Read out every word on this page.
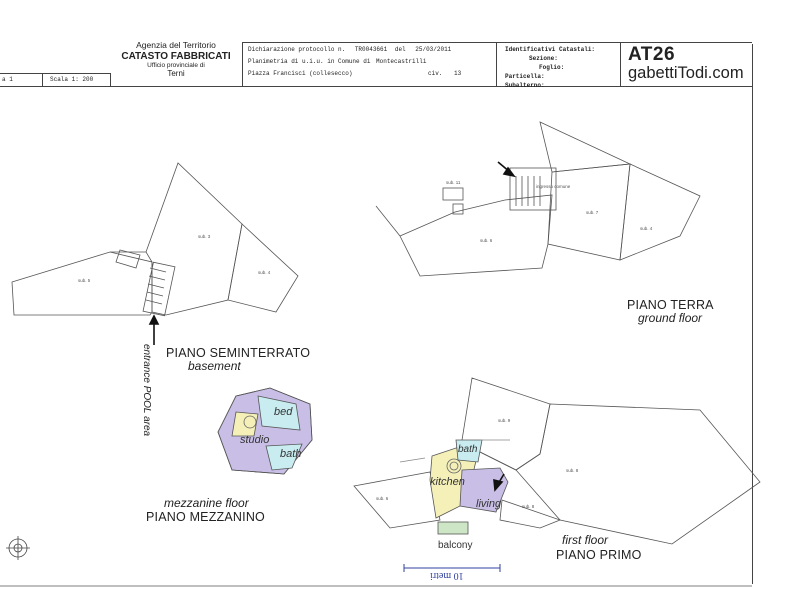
Agenzia del Territorio
CATASTO FABBRICATI
Ufficio provinciale di
Terni
a 1	Scala 1: 200
Dichiarazione protocollo n. TR0043661 del 25/03/2011
Planimetria di u.i.u. in Comune di Montecastrilli
Piazza Francisci (collesecco)	civ. 13
Identificativi Catastali:
Sezione:
Foglio:
Particella:
Subalterno:
AT26
gabettiTodi.com
sub. 5
sub. 3
sub. 4
sub. 6
sub. 7
sub. 4
sub. 11
ingresso comune
sub. 6
sub. 9
sub. 8
sub. 8
bed
studio
bath	bath
kitchen
living
balcony
PIANO SEMINTERRATO
basement
entrance POOL area
PIANO TERRA
ground floor
mezzanine floor
PIANO MEZZANINO
first floor
PIANO PRIMO
10 metri
